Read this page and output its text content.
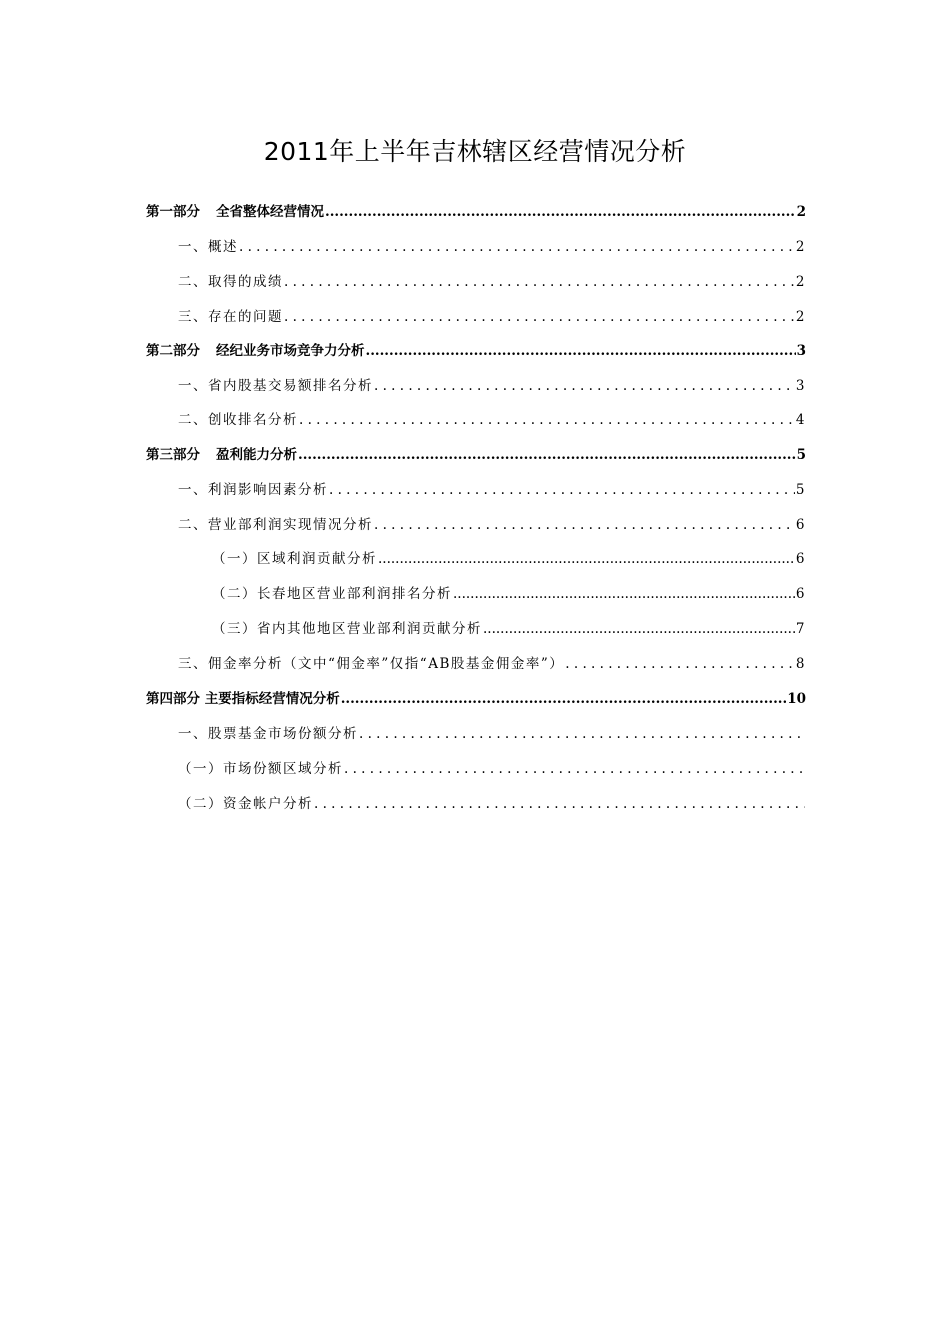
2011年上半年吉林辖区经营情况分析
第一部分 全省整体经营情况 .....	2
一、概述 . . .	2
二、取得的成绩 . . .	2
三、存在的问题 . . .	2
第二部分 经纪业务市场竞争力分析 .....	3
一、省内股基交易额排名分析 . . .	3
二、创收排名分析 . . .	4
第三部分 盈利能力分析 .....	5
一、利润影响因素分析 . . .	5
二、营业部利润实现情况分析 . . .	6
（一）区域利润贡献分析 .....	6
（二）长春地区营业部利润排名分析 .....	6
（三）省内其他地区营业部利润贡献分析 .....	7
三、佣金率分析（文中“佣金率”仅指“AB股基金佣金率”） . . .	8
第四部分 主要指标经营情况分析 .....	10
一、股票基金市场份额分析
. . .
（一）市场份额区域分析
. . .
（二）资金帐户分析
. . .
